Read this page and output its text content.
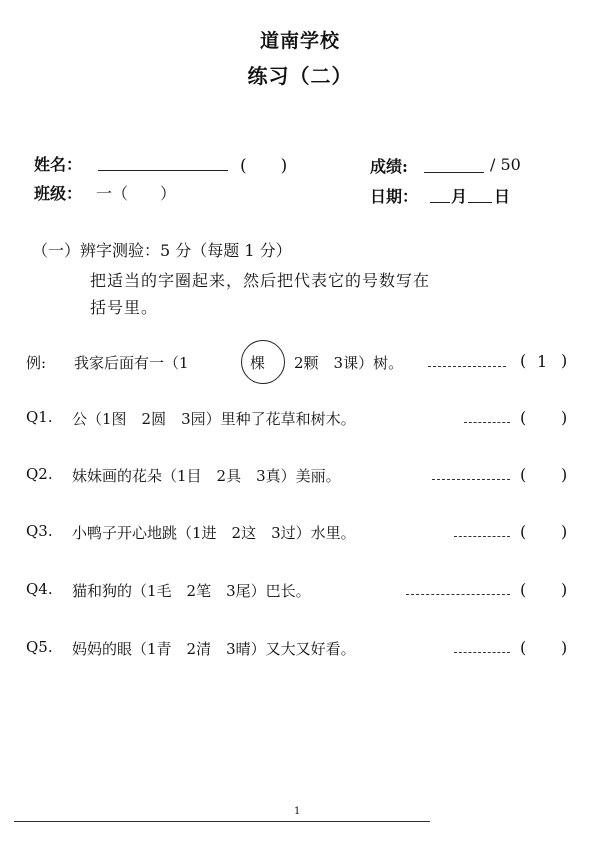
道南学校
练习（二）
姓名：	(　　)	成绩:	/ 50
班级： 一（　　）	日期： 月 日
（一）辨字测验：5 分（每题 1 分）
把适当的字圈起来，然后把代表它的号数写在
括号里。
例: 我家后面有一（1	棵 2颗　3课）树。	( 1 )
Q1. 公（1图　2圆　3园）里种了花草和树木。	( )
Q2. 妹妹画的花朵（1目　2具　3真）美丽。	( )
Q3. 小鸭子开心地跳（1进　2这　3过）水里。	( )
Q4. 猫和狗的（1毛　2笔　3尾）巴长。	( )
Q5. 妈妈的眼（1青　2清　3晴）又大又好看。	( )
1
